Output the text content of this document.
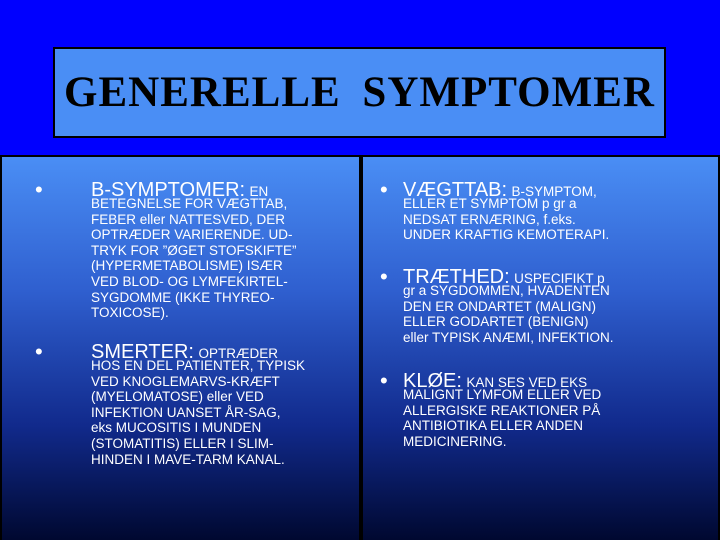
GENERELLE SYMPTOMER
• B-SYMPTOMER: EN
BETEGNELSE FOR VÆGTTAB,
FEBER eller NATTESVED, DER
OPTRÆDER VARIERENDE. UD-
TRYK FOR ”ØGET STOFSKIFTE”
(HYPERMETABOLISME) ISÆR
VED BLOD- OG LYMFEKIRTEL-
SYGDOMME (IKKE THYREO-
TOXICOSE).
• SMERTER: OPTRÆDER
HOS EN DEL PATIENTER, TYPISK
VED KNOGLEMARVS-KRÆFT
(MYELOMATOSE) eller VED
INFEKTION UANSET ÅR-SAG,
eks MUCOSITIS I MUNDEN
(STOMATITIS) ELLER I SLIM-
HINDEN I MAVE-TARM KANAL.
• VÆGTTAB: B-SYMPTOM,
ELLER ET SYMPTOM p gr a
NEDSAT ERNÆRING, f.eks.
UNDER KRAFTIG KEMOTERAPI.
• TRÆTHED: USPECIFIKT p
gr a SYGDOMMEN, HVADENTEN
DEN ER ONDARTET (MALIGN)
ELLER GODARTET (BENIGN)
eller TYPISK ANÆMI, INFEKTION.
• KLØE: KAN SES VED EKS
MALIGNT LYMFOM ELLER VED
ALLERGISKE REAKTIONER PÅ
ANTIBIOTIKA ELLER ANDEN
MEDICINERING.
